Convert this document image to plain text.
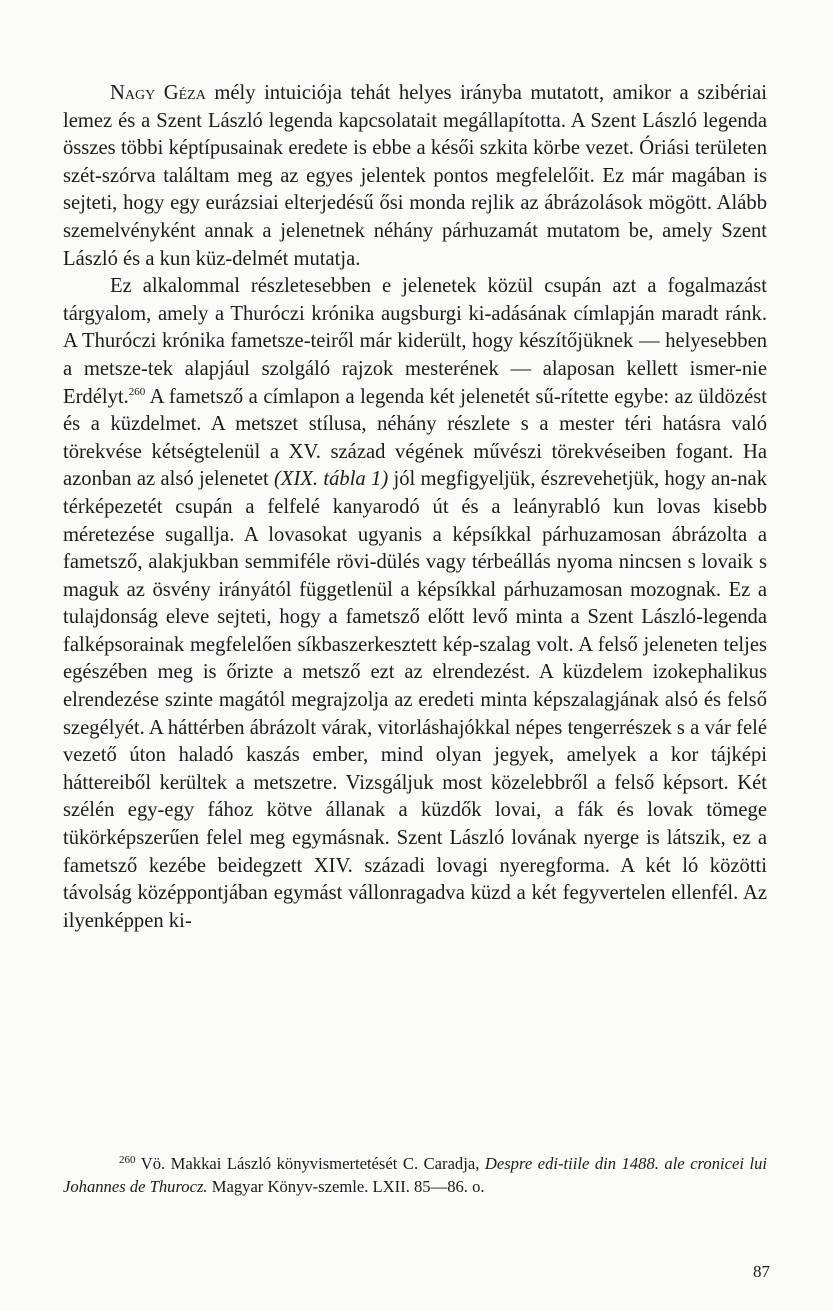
Nagy Géza mély intuiciója tehát helyes irányba mutatott, amikor a szibériai lemez és a Szent László legenda kapcsolatait megállapította. A Szent László legenda összes többi képtípusainak eredete is ebbe a késői szkita körbe vezet. Óriási területen szét-szórva találtam meg az egyes jelentek pontos megfelelőit. Ez már magában is sejteti, hogy egy eurázsiai elterjedésű ősi monda rejlik az ábrázolások mögött. Alább szemelvényként annak a jelenetnek néhány párhuzamát mutatom be, amely Szent László és a kun küz-delmét mutatja.

Ez alkalommal részletesebben e jelenetek közül csupán azt a fogalmazást tárgyalom, amely a Thuróczi krónika augsburgi ki-adásának címlapján maradt ránk. A Thuróczi krónika fametsze-teiről már kiderült, hogy készítőjüknek — helyesebben a metsze-tek alapjául szolgáló rajzok mesterének — alaposan kellett ismer-nie Erdélyt.$^{260}$ A fametsző a címlapon a legenda két jelenetét sű-rítette egybe: az üldözést és a küzdelmet. A metszet stílusa, néhány részlete s a mester téri hatásra való törekvése kétségtelenül a XV. század végének művészi törekvéseiben fogant. Ha azonban az alsó jelenetet (XIX. tábla 1) jól megfigyeljük, észrevehetjük, hogy an-nak térképezetét csupán a felfelé kanyarodó út és a leányrabló kun lovas kisebb méretezése sugallja. A lovasokat ugyanis a képsíkkal párhuzamosan ábrázolta a fametsző, alakjukban semmiféle rövi-dülés vagy térbeállás nyoma nincsen s lovaik s maguk az ösvény irányától függetlenül a képsíkkal párhuzamosan mozognak. Ez a tulajdonság eleve sejteti, hogy a fametsző előtt levő minta a Szent László-legenda falképsorainak megfelelően síkbaszerkesztett kép-szalag volt. A felső jeleneten teljes egészében meg is őrizte a metsző ezt az elrendezést. A küzdelem izokephalikus elrendezése szinte magától megrajzolja az eredeti minta képszalagjának alsó és felső szegélyét. A háttérben ábrázolt várak, vitorláshajókkal népes tengerrészek s a vár felé vezető úton haladó kaszás ember, mind olyan jegyek, amelyek a kor tájképi háttereiből kerültek a metszetre. Vizsgáljuk most közelebbről a felső képsort. Két szélén egy-egy fához kötve állanak a küzdők lovai, a fák és lovak tömege tükörképszerűen felel meg egymásnak. Szent László lovának nyerge is látszik, ez a fametsző kezébe beidegzett XIV. századi lovagi nyeregforma. A két ló közötti távolság középpontjában egymást vállonragadva küzd a két fegyvertelen ellenfél. Az ilyenképpen ki-

$^{260}$ Vö. Makkai László könyvismertetését C. Caradja, Despre edi-tiile din 1488. ale cronicei lui Johannes de Thurocz. Magyar Könyv-szemle. LXII. 85—86. o.

87
